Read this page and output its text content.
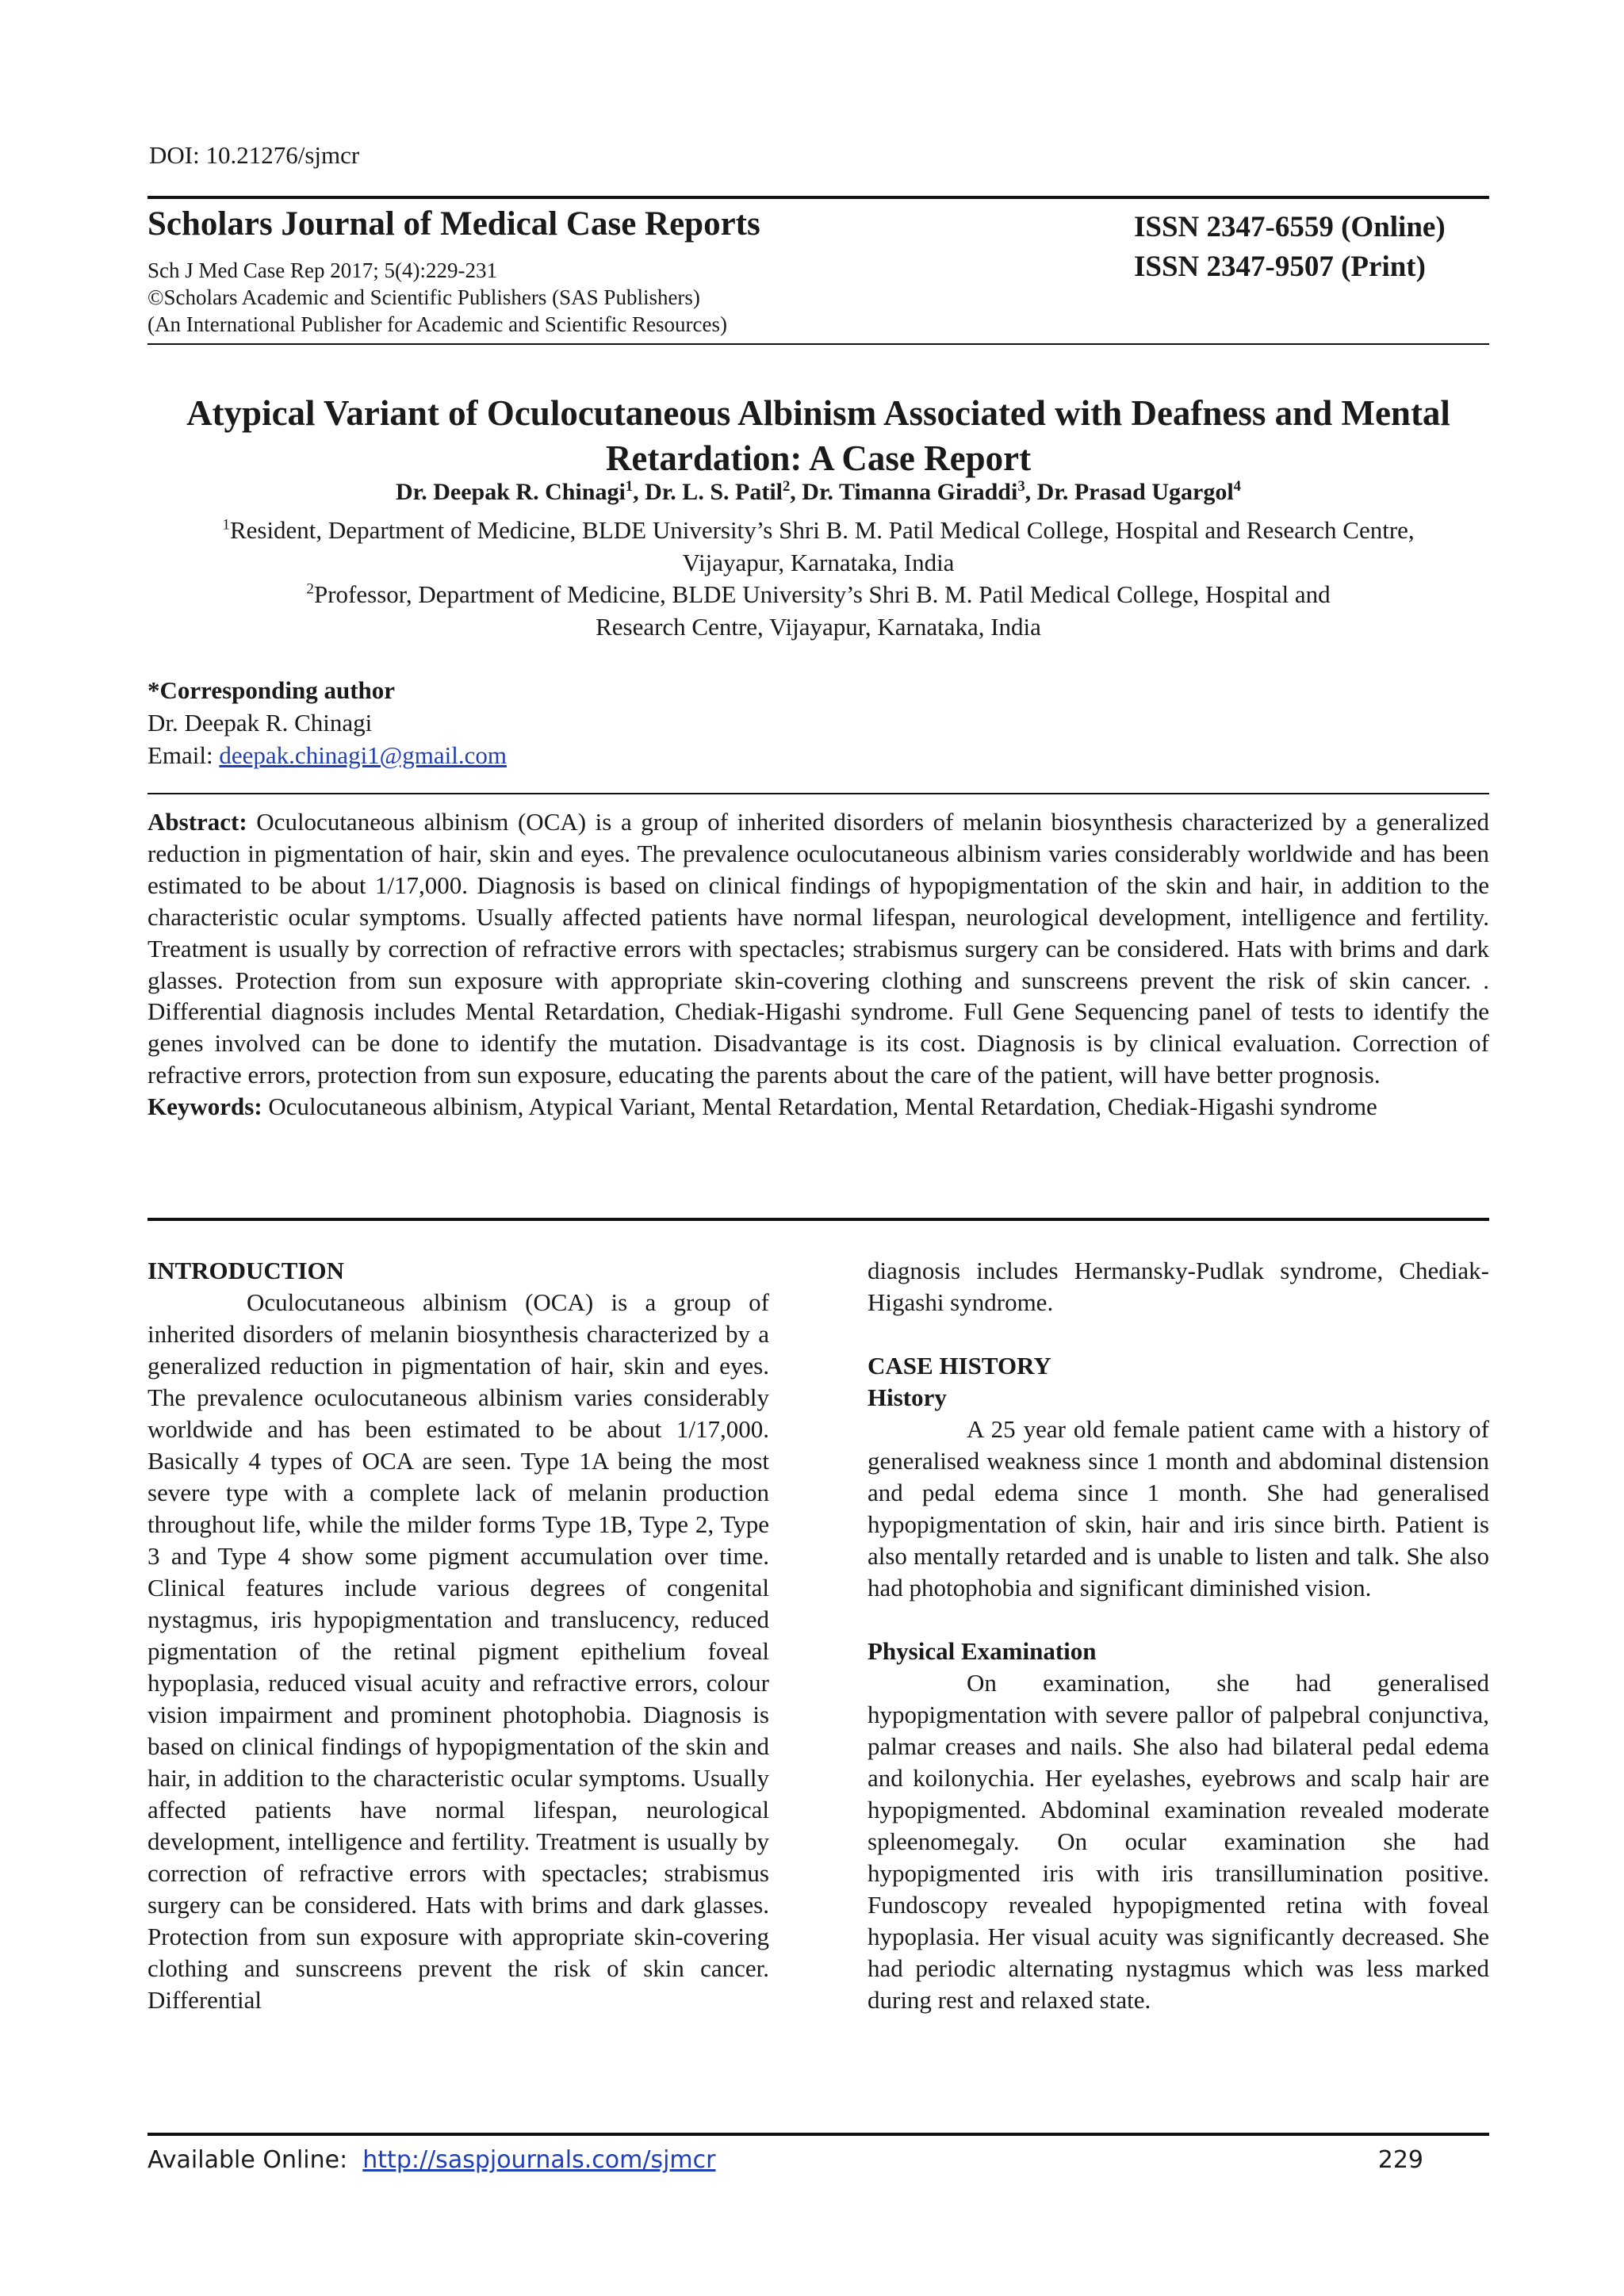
DOI: 10.21276/sjmcr
Scholars Journal of Medical Case Reports	ISSN 2347-6559 (Online)
ISSN 2347-9507 (Print)
Sch J Med Case Rep 2017; 5(4):229-231
©Scholars Academic and Scientific Publishers (SAS Publishers)
(An International Publisher for Academic and Scientific Resources)
Atypical Variant of Oculocutaneous Albinism Associated with Deafness and Mental Retardation: A Case Report
Dr. Deepak R. Chinagi$^1$, Dr. L. S. Patil$^2$, Dr. Timanna Giraddi$^3$, Dr. Prasad Ugargol$^4$
$^1$Resident, Department of Medicine, BLDE University’s Shri B. M. Patil Medical College, Hospital and Research Centre, Vijayapur, Karnataka, India
$^2$Professor, Department of Medicine, BLDE University’s Shri B. M. Patil Medical College, Hospital and Research Centre, Vijayapur, Karnataka, India
*Corresponding author
Dr. Deepak R. Chinagi
Email: deepak.chinagi1@gmail.com

Abstract: Oculocutaneous albinism (OCA) is a group of inherited disorders of melanin biosynthesis characterized by a generalized reduction in pigmentation of hair, skin and eyes. The prevalence oculocutaneous albinism varies considerably worldwide and has been estimated to be about 1/17,000. Diagnosis is based on clinical findings of hypopigmentation of the skin and hair, in addition to the characteristic ocular symptoms. Usually affected patients have normal lifespan, neurological development, intelligence and fertility. Treatment is usually by correction of refractive errors with spectacles; strabismus surgery can be considered. Hats with brims and dark glasses. Protection from sun exposure with appropriate skin-covering clothing and sunscreens prevent the risk of skin cancer. . Differential diagnosis includes Mental Retardation, Chediak-Higashi syndrome. Full Gene Sequencing panel of tests to identify the genes involved can be done to identify the mutation. Disadvantage is its cost. Diagnosis is by clinical evaluation. Correction of refractive errors, protection from sun exposure, educating the parents about the care of the patient, will have better prognosis.

Keywords: Oculocutaneous albinism, Atypical Variant, Mental Retardation, Mental Retardation, Chediak-Higashi syndrome

INTRODUCTION

Oculocutaneous albinism (OCA) is a group of inherited disorders of melanin biosynthesis characterized by a generalized reduction in pigmentation of hair, skin and eyes. The prevalence oculocutaneous albinism varies considerably worldwide and has been estimated to be about 1/17,000. Basically 4 types of OCA are seen. Type 1A being the most severe type with a complete lack of melanin production throughout life, while the milder forms Type 1B, Type 2, Type 3 and Type 4 show some pigment accumulation over time. Clinical features include various degrees of congenital nystagmus, iris hypopigmentation and translucency, reduced pigmentation of the retinal pigment epithelium foveal hypoplasia, reduced visual acuity and refractive errors, colour vision impairment and prominent photophobia. Diagnosis is based on clinical findings of hypopigmentation of the skin and hair, in addition to the characteristic ocular symptoms. Usually affected patients have normal lifespan, neurological development, intelligence and fertility. Treatment is usually by correction of refractive errors with spectacles; strabismus surgery can be considered. Hats with brims and dark glasses. Protection from sun exposure with appropriate skin-covering clothing and sunscreens prevent the risk of skin cancer. Differential

diagnosis includes Hermansky-Pudlak syndrome, Chediak-Higashi syndrome.

CASE HISTORY
History

A 25 year old female patient came with a history of generalised weakness since 1 month and abdominal distension and pedal edema since 1 month. She had generalised hypopigmentation of skin, hair and iris since birth. Patient is also mentally retarded and is unable to listen and talk. She also had photophobia and significant diminished vision.

Physical Examination

On examination, she had generalised hypopigmentation with severe pallor of palpebral conjunctiva, palmar creases and nails. She also had bilateral pedal edema and koilonychia. Her eyelashes, eyebrows and scalp hair are hypopigmented. Abdominal examination revealed moderate spleenomegaly. On ocular examination she had hypopigmented iris with iris transillumination positive. Fundoscopy revealed hypopigmented retina with foveal hypoplasia. Her visual acuity was significantly decreased. She had periodic alternating nystagmus which was less marked during rest and relaxed state.

Available Online: http://saspjournals.com/sjmcr	229
